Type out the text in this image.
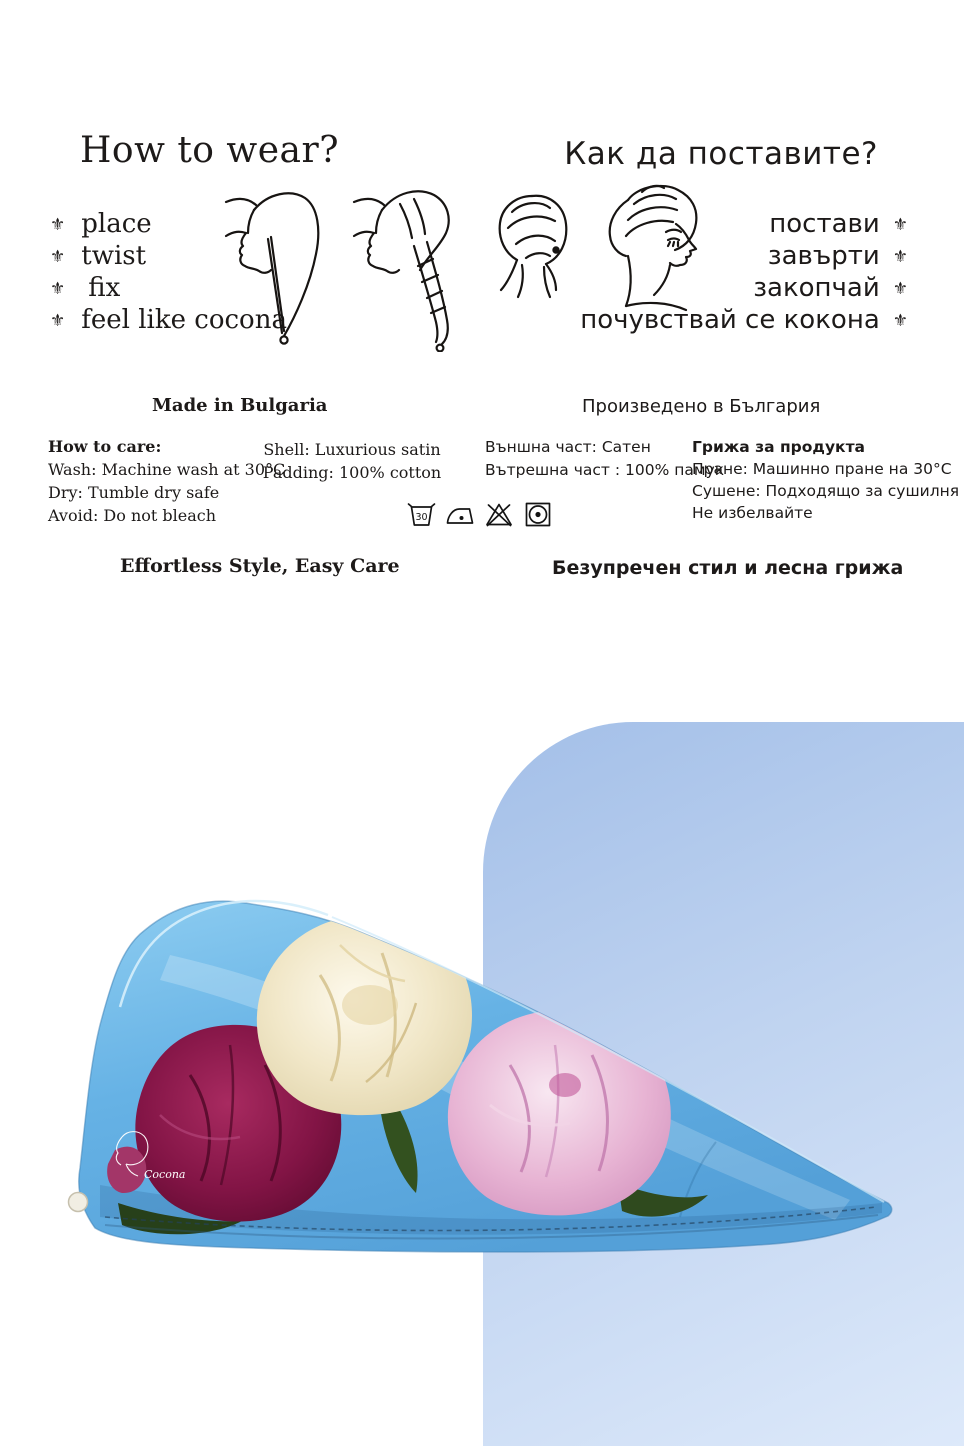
How to wear?	Как да поставите?
⚜ place
⚜ twist
⚜ fix
⚜ feel like cocona
постави ⚜
завърти ⚜
закопчай ⚜
почувствай се кокона ⚜
Made in Bulgaria	Произведено в България
How to care:
Wash: Machine wash at 30°C
Dry: Tumble dry safe
Avoid: Do not bleach
Shell: Luxurious satin
Padding: 100% cotton
Външна част: Сатен
Вътрешна част : 100% памук
Грижа за продукта
Пране: Машинно пране на 30°С
Сушене: Подходящо за сушилня
Не избелвайте
30
Effortless Style, Easy Care	Безупречен стил и лесна грижа
Cocona
